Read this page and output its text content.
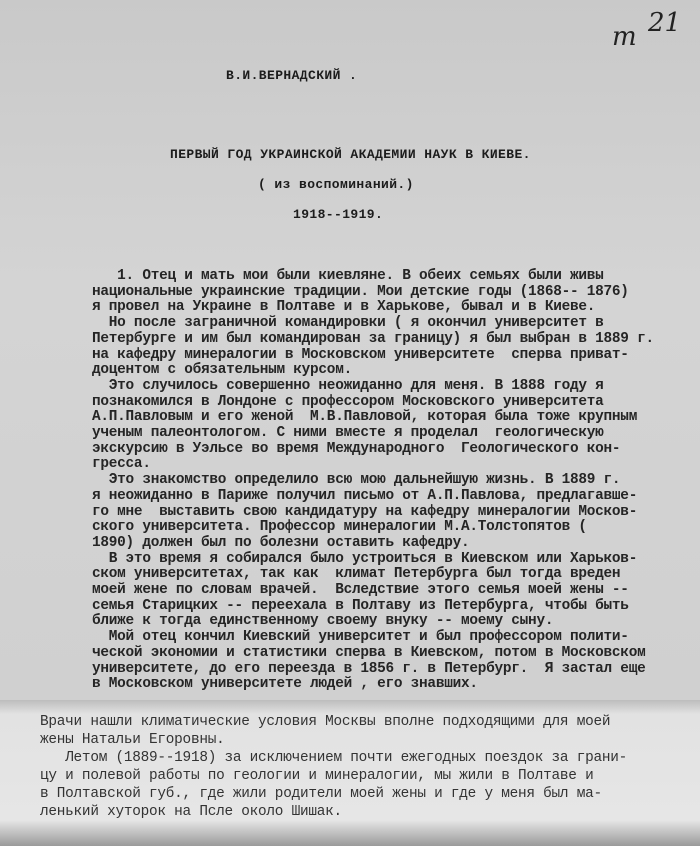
т 21
В.И.ВЕРНАДСКИЙ .
ПЕРВЫЙ ГОД УКРАИНСКОЙ АКАДЕМИИ НАУК В КИЕВЕ.
( из воспоминаний.)
1918--1919.
1. Отец и мать мои были киевляне. В обеих семьях были живы
национальные украинские традиции. Мои детские годы (1868-- 1876)
я провел на Украине в Полтаве и в Харькове, бывал и в Киеве.
Но после заграничной командировки ( я окончил университет в
Петербурге и им был командирован за границу) я был выбран в 1889 г.
на кафедру минералогии в Московском университете  сперва приват-
доцентом с обязательным курсом.
Это случилось совершенно неожиданно для меня. В 1888 году я
познакомился в Лондоне с профессором Московского университета
А.П.Павловым и его женой  М.В.Павловой, которая была тоже крупным
ученым палеонтологом. С ними вместе я проделал  геологическую
экскурсию в Уэльсе во время Международного  Геологического кон-
гресса.
Это знакомство определило всю мою дальнейшую жизнь. В 1889 г.
я неожиданно в Париже получил письмо от А.П.Павлова, предлагавше-
го мне  выставить свою кандидатуру на кафедру минералогии Москов-
ского университета. Профессор минералогии М.А.Толстопятов (
1890) должен был по болезни оставить кафедру.
В это время я собирался было устроиться в Киевском или Харьков-
ском университетах, так как  климат Петербурга был тогда вреден
моей жене по словам врачей.  Вследствие этого семья моей жены --
семья Старицких -- переехала в Полтаву из Петербурга, чтобы быть
ближе к тогда единственному своему внуку -- моему сыну.
Мой отец кончил Киевский университет и был профессором полити-
ческой экономии и статистики сперва в Киевском, потом в Московском
университете, до его переезда в 1856 г. в Петербург.  Я застал еще
в Московском университете людей , его знавших.
Врачи нашли климатические условия Москвы вполне подходящими для моей
жены Натальи Егоровны.
Летом (1889--1918) за исключением почти ежегодных поездок за грани-
цу и полевой работы по геологии и минералогии, мы жили в Полтаве и
в Полтавской губ., где жили родители моей жены и где у меня был ма-
ленький хуторок на Псле около Шишак.
